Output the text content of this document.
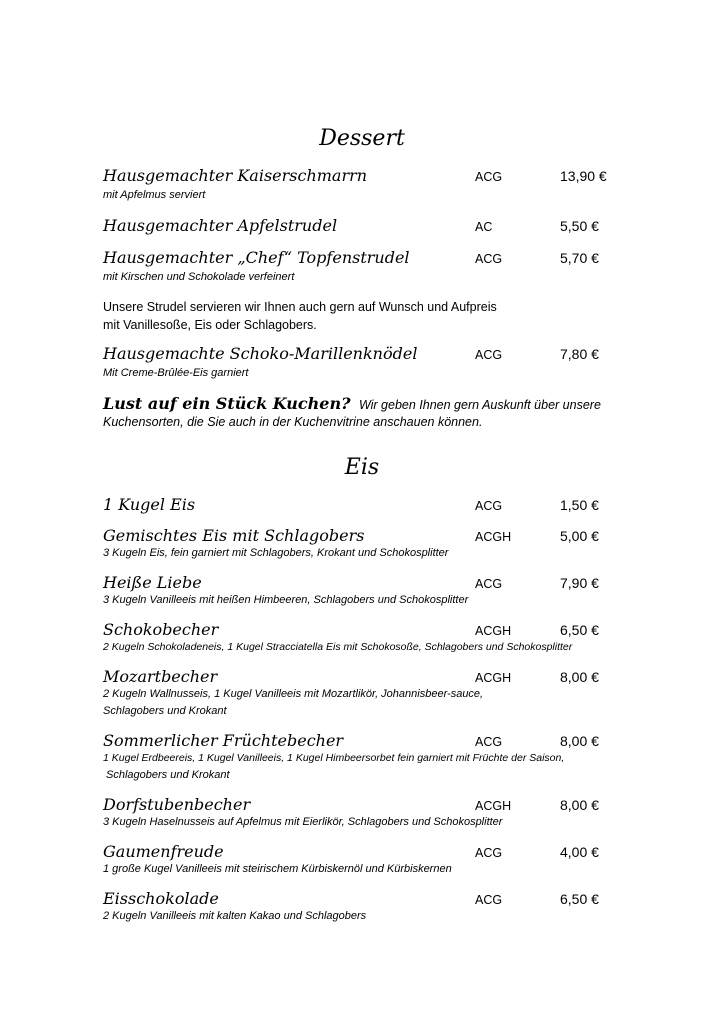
Dessert
Hausgemachter Kaiserschmarrn	ACG	13,90 €
mit Apfelmus serviert
Hausgemachter Apfelstrudel	AC	5,50 €
Hausgemachter „Chef“ Topfenstrudel	ACG	5,70 €
mit Kirschen und Schokolade verfeinert
Unsere Strudel servieren wir Ihnen auch gern auf Wunsch und Aufpreis
mit Vanillesoße, Eis oder Schlagobers.
Hausgemachte Schoko-Marillenknödel	ACG	7,80 €
Mit Creme-Brûlée-Eis garniert
Lust auf ein Stück Kuchen? Wir geben Ihnen gern Auskunft über unsere
Kuchensorten, die Sie auch in der Kuchenvitrine anschauen können.
Eis
1 Kugel Eis	ACG	1,50 €
Gemischtes Eis mit Schlagobers	ACGH	5,00 €
3 Kugeln Eis, fein garniert mit Schlagobers, Krokant und Schokosplitter
Heiße Liebe	ACG	7,90 €
3 Kugeln Vanilleeis mit heißen Himbeeren, Schlagobers und Schokosplitter
Schokobecher	ACGH	6,50 €
2 Kugeln Schokoladeneis, 1 Kugel Stracciatella Eis mit Schokosoße, Schlagobers und Schokosplitter
Mozartbecher	ACGH	8,00 €
2 Kugeln Wallnusseis, 1 Kugel Vanilleeis mit Mozartlikör, Johannisbeer-sauce,
Schlagobers und Krokant
Sommerlicher Früchtebecher	ACG	8,00 €
1 Kugel Erdbeereis, 1 Kugel Vanilleeis, 1 Kugel Himbeersorbet fein garniert mit Früchte der Saison,
Schlagobers und Krokant
Dorfstubenbecher	ACGH	8,00 €
3 Kugeln Haselnusseis auf Apfelmus mit Eierlikör, Schlagobers und Schokosplitter
Gaumenfreude	ACG	4,00 €
1 große Kugel Vanilleeis mit steirischem Kürbiskernöl und Kürbiskernen
Eisschokolade	ACG	6,50 €
2 Kugeln Vanilleeis mit kalten Kakao und Schlagobers
